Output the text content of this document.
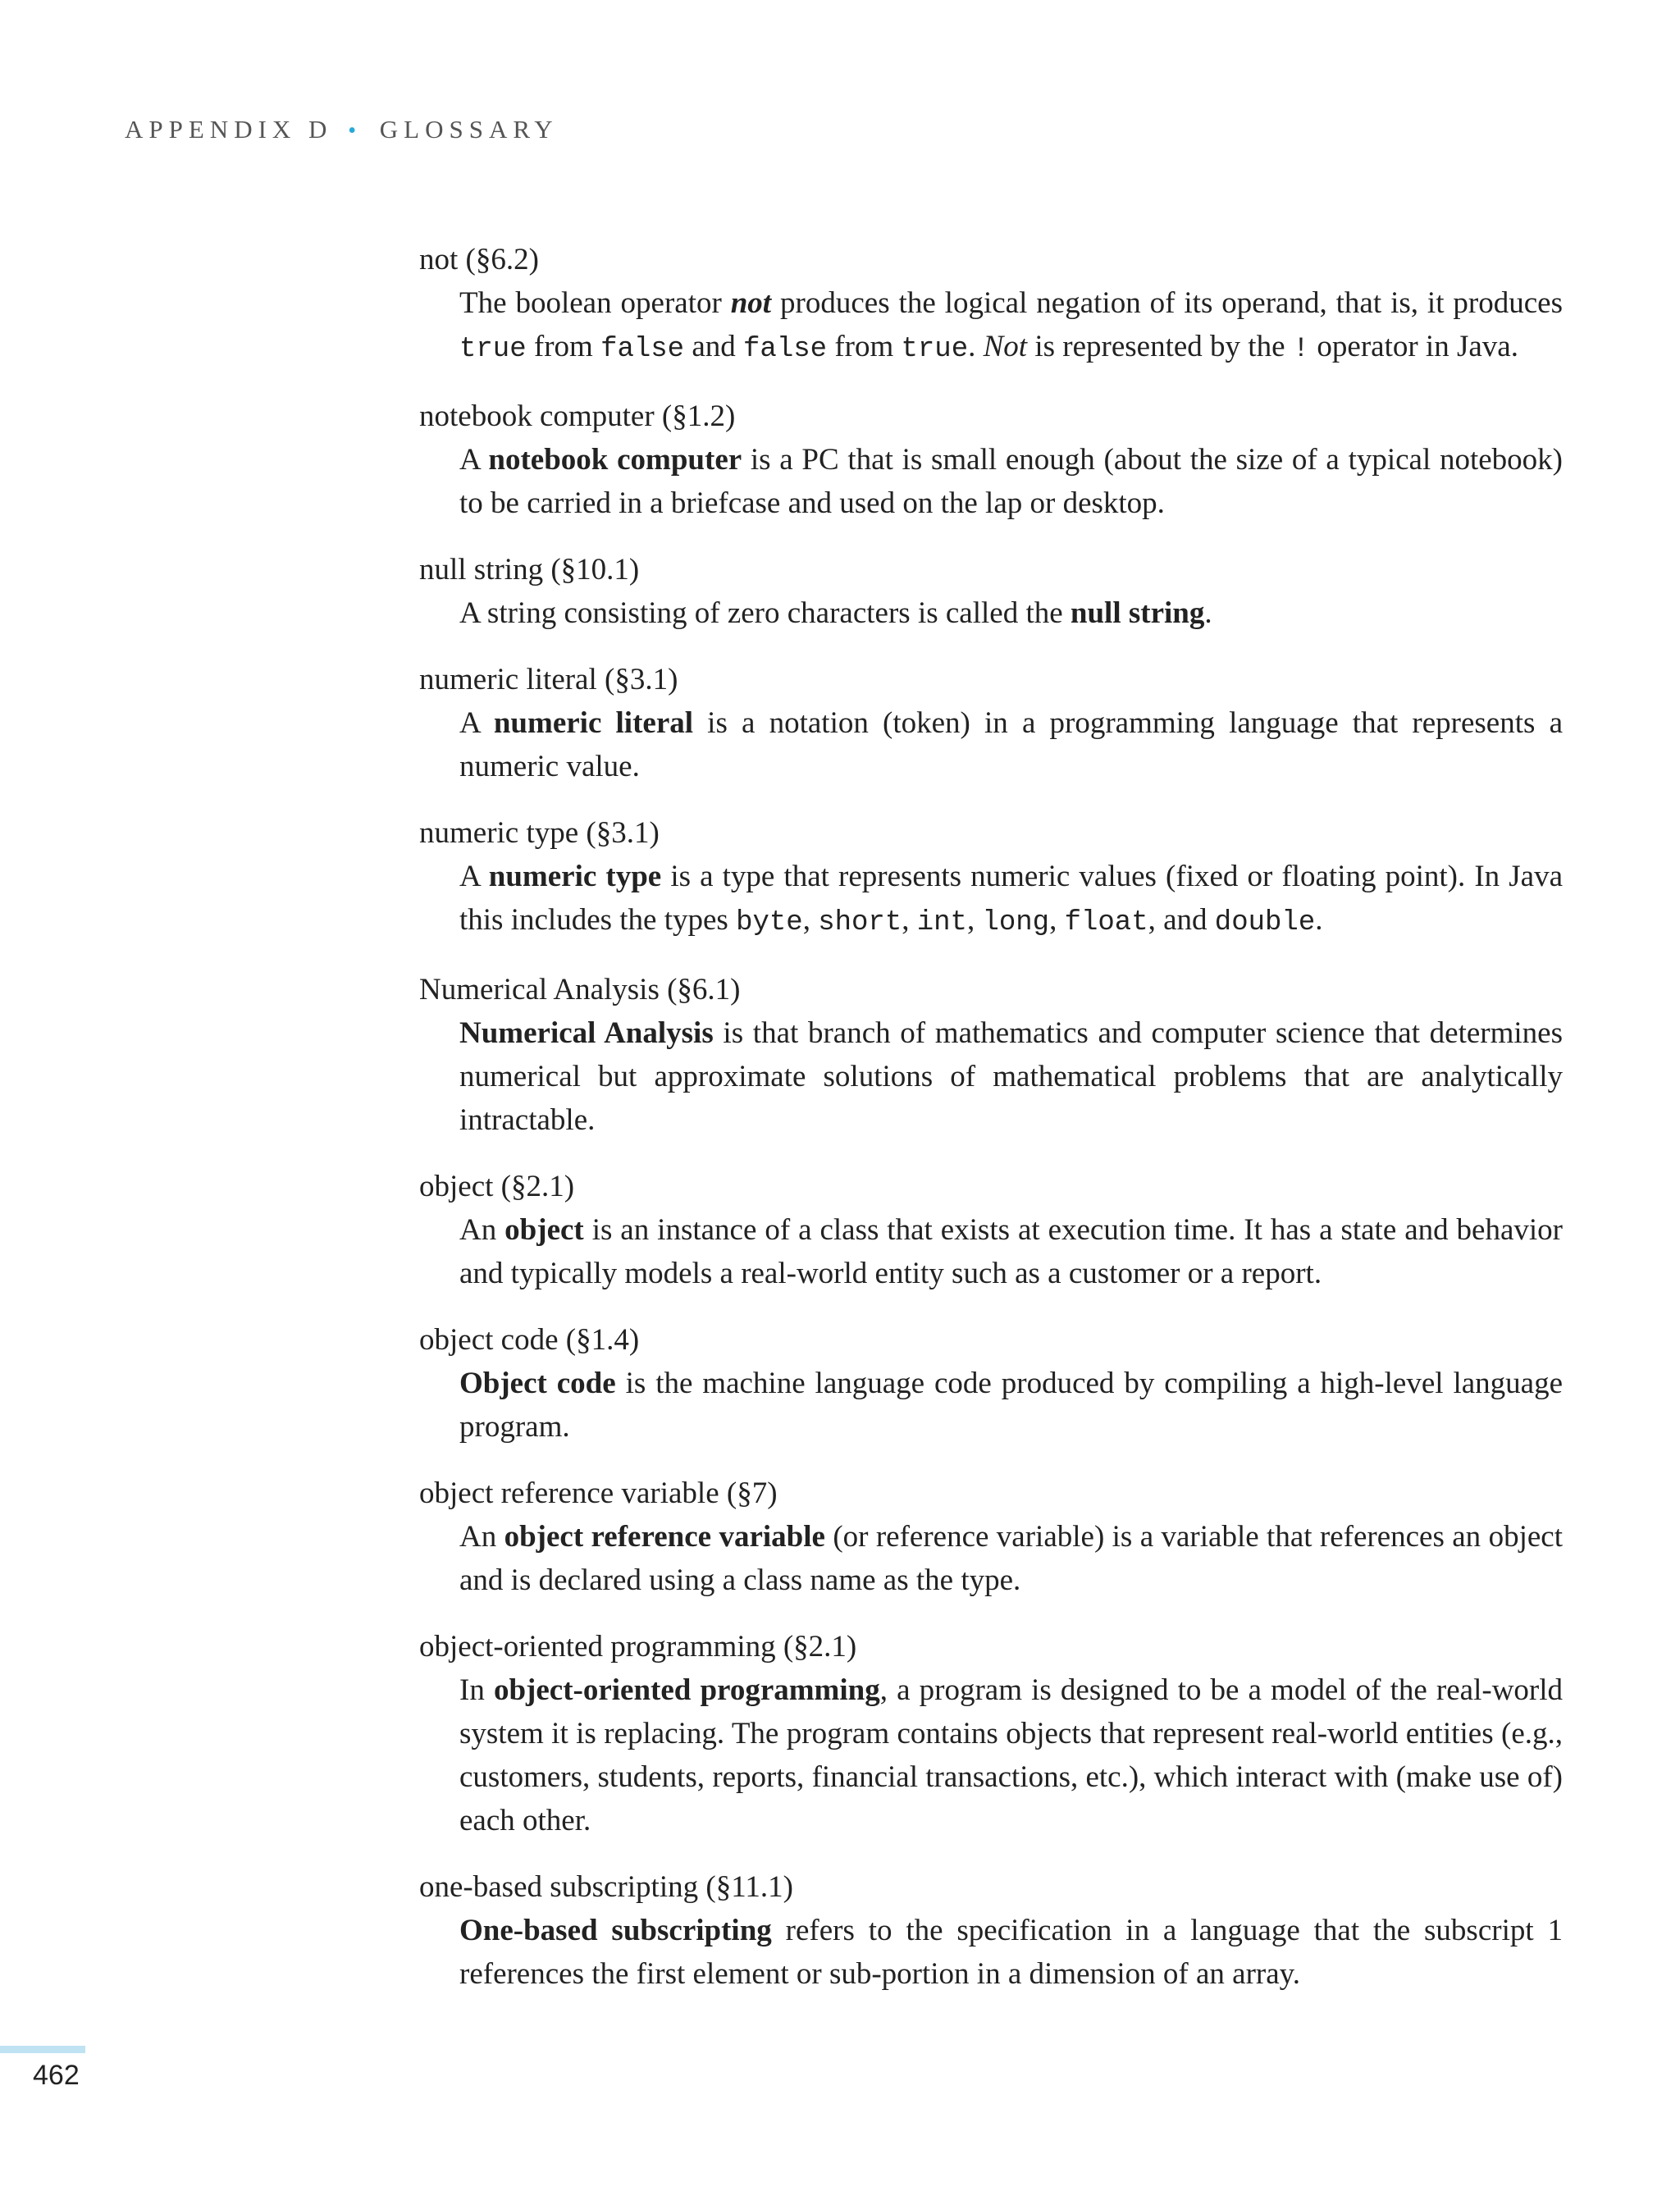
APPENDIX D • GLOSSARY
not (§6.2)
The boolean operator not produces the logical negation of its operand, that is, it produces true from false and false from true. Not is represented by the ! operator in Java.
notebook computer (§1.2)
A notebook computer is a PC that is small enough (about the size of a typical notebook) to be carried in a briefcase and used on the lap or desktop.
null string (§10.1)
A string consisting of zero characters is called the null string.
numeric literal (§3.1)
A numeric literal is a notation (token) in a programming language that represents a numeric value.
numeric type (§3.1)
A numeric type is a type that represents numeric values (fixed or floating point). In Java this includes the types byte, short, int, long, float, and double.
Numerical Analysis (§6.1)
Numerical Analysis is that branch of mathematics and computer science that determines numerical but approximate solutions of mathematical problems that are analytically intractable.
object (§2.1)
An object is an instance of a class that exists at execution time. It has a state and behavior and typically models a real-world entity such as a customer or a report.
object code (§1.4)
Object code is the machine language code produced by compiling a high-level language program.
object reference variable (§7)
An object reference variable (or reference variable) is a variable that references an object and is declared using a class name as the type.
object-oriented programming (§2.1)
In object-oriented programming, a program is designed to be a model of the real-world system it is replacing. The program contains objects that represent real-world entities (e.g., customers, students, reports, financial transactions, etc.), which interact with (make use of) each other.
one-based subscripting (§11.1)
One-based subscripting refers to the specification in a language that the subscript 1 references the first element or sub-portion in a dimension of an array.
462
